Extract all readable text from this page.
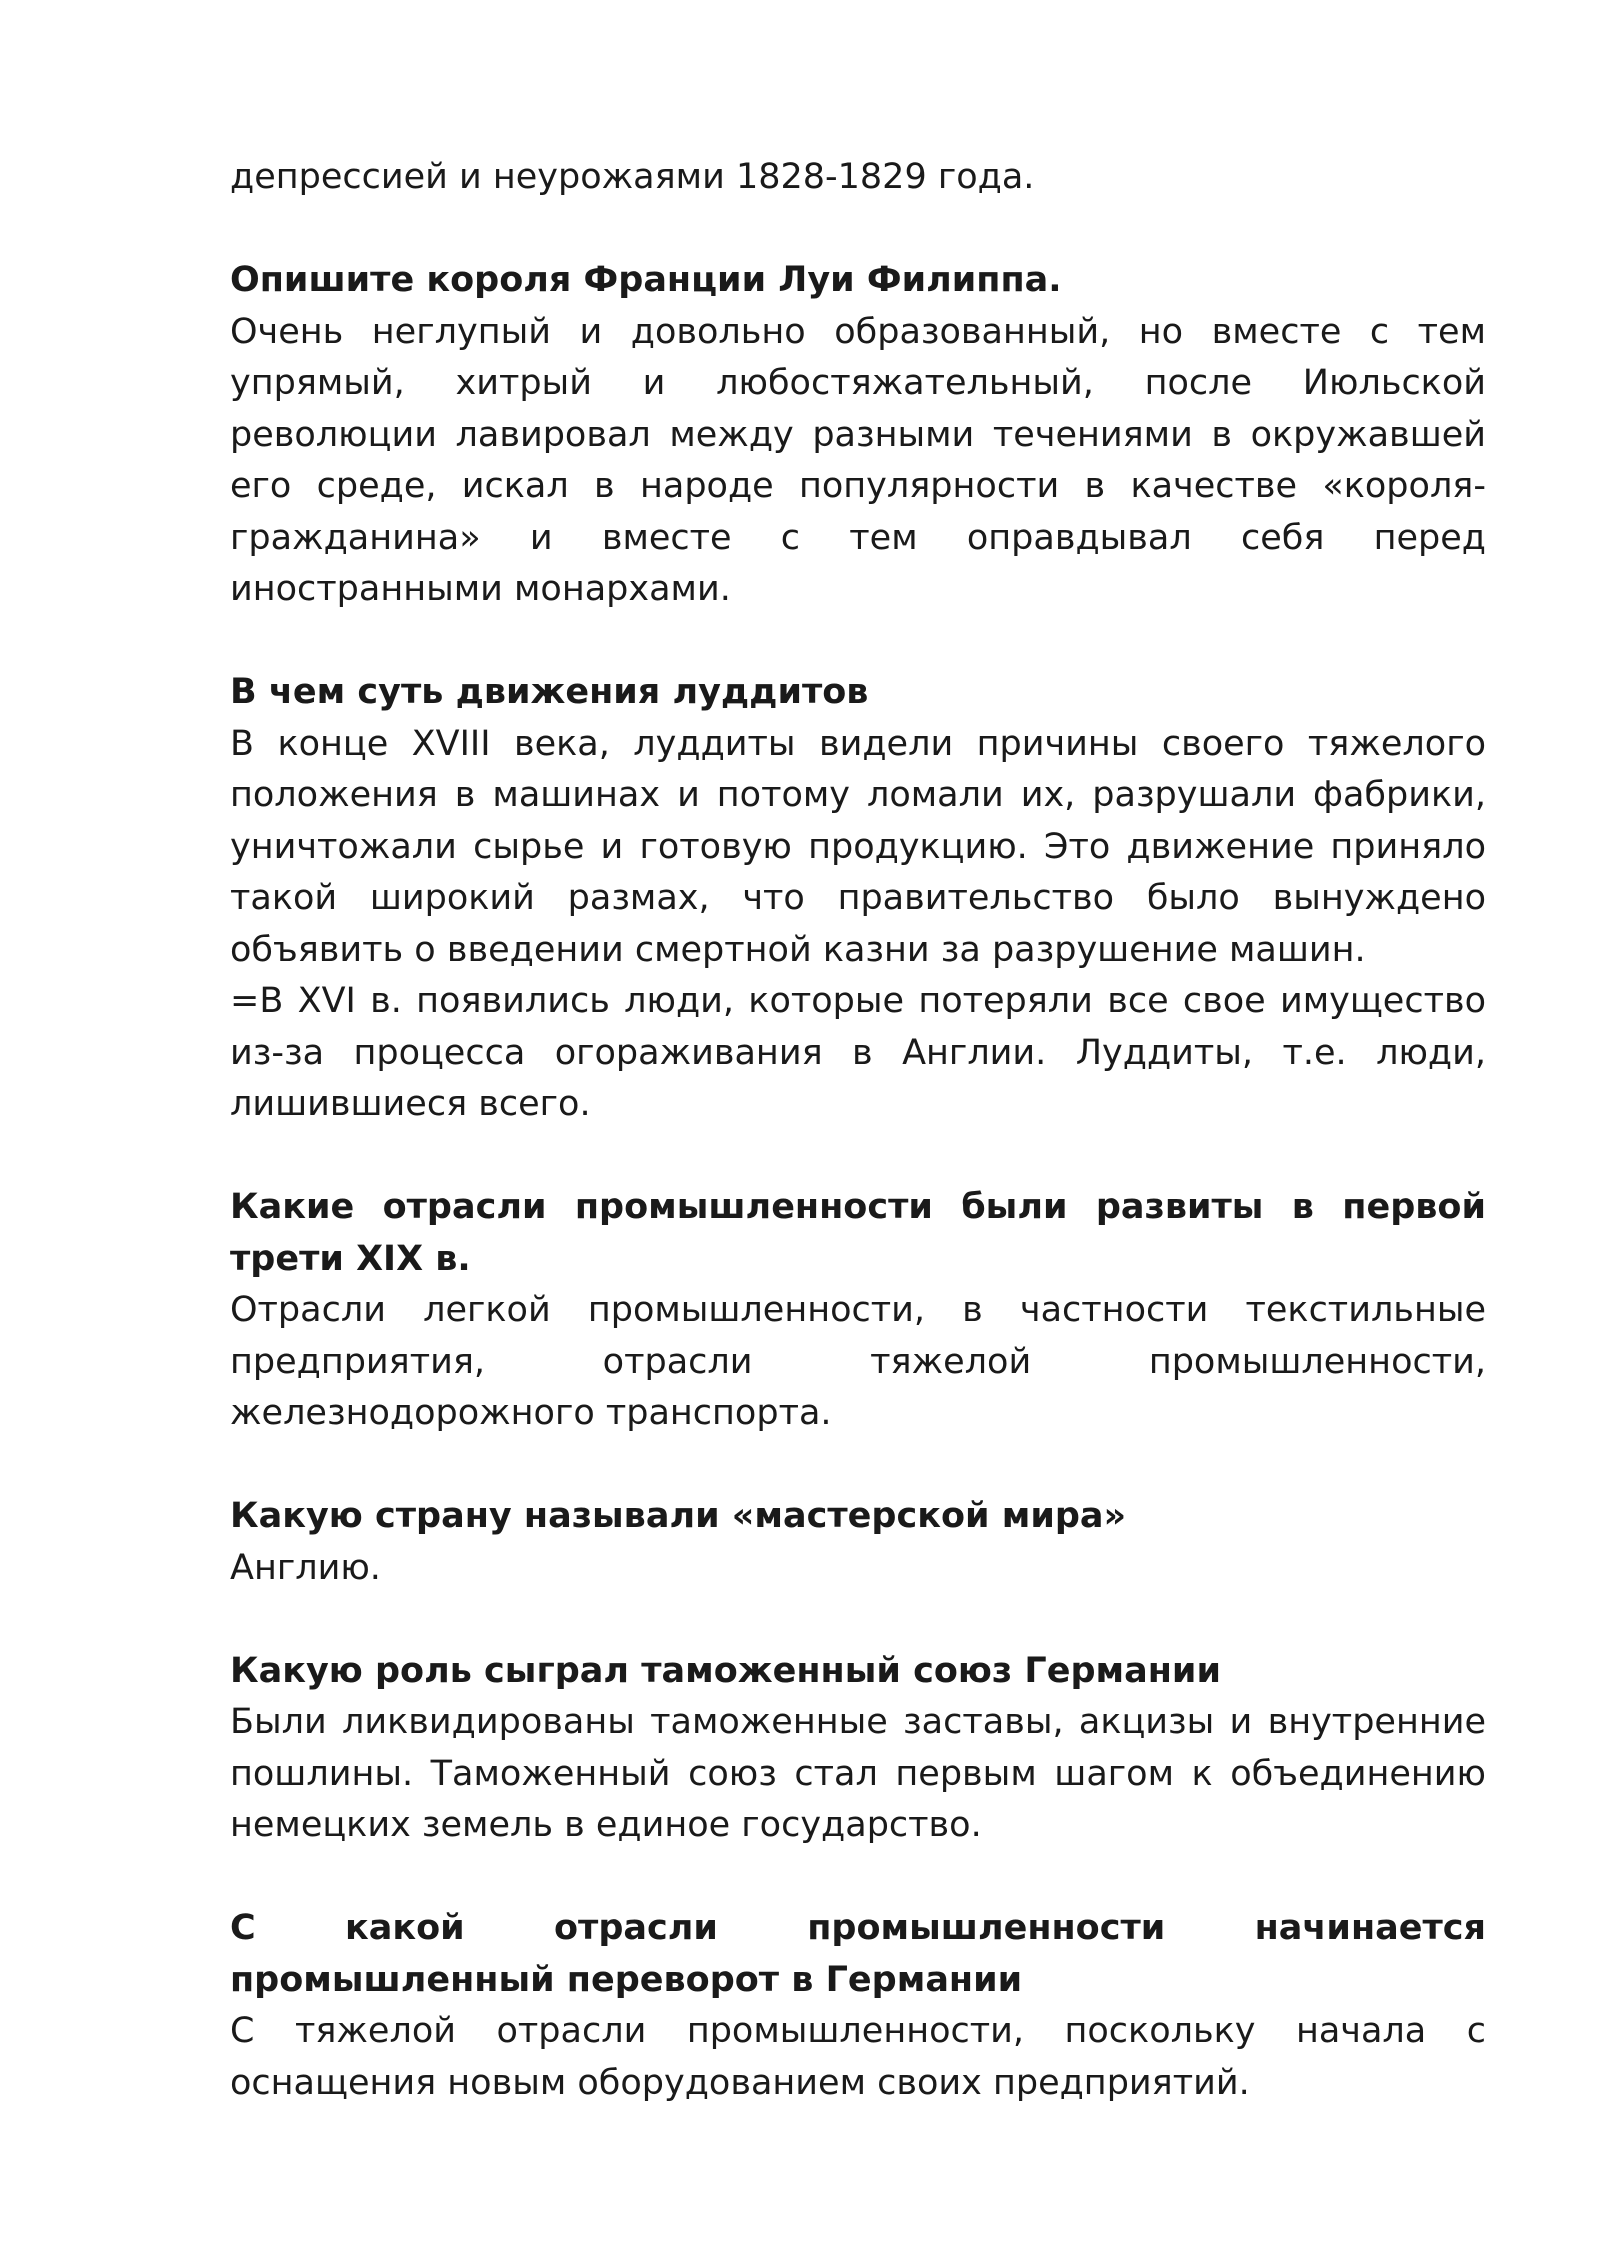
депрессией и неурожаями 1828-1829 года.

Опишите короля Франции Луи Филиппа.

Очень неглупый и довольно образованный, но вместе с тем упрямый, хитрый и любостяжательный, после Июльской революции лавировал между разными течениями в окружавшей его среде, искал в народе популярности в качестве «короля-гражданина» и вместе с тем оправдывал себя перед иностранными монархами.

В чем суть движения луддитов

В конце XVIII века, луддиты видели причины своего тяжелого положения в машинах и потому ломали их, разрушали фабрики, уничтожали сырье и готовую продукцию. Это движение приняло такой широкий размах, что правительство было вынуждено объявить о введении смертной казни за разрушение машин.
=В XVI в. появились люди, которые потеряли все свое имущество из-за процесса огораживания в Англии. Луддиты, т.е. люди, лишившиеся всего.

Какие отрасли промышленности были развиты в первой трети XIX в.

Отрасли легкой промышленности, в частности текстильные предприятия, отрасли тяжелой промышленности, железнодорожного транспорта.

Какую страну называли «мастерской мира»

Англию.

Какую роль сыграл таможенный союз Германии

Были ликвидированы таможенные заставы, акцизы и внутренние пошлины. Таможенный союз стал первым шагом к объединению немецких земель в единое государство.

С какой отрасли промышленности начинается промышленный переворот в Германии

С тяжелой отрасли промышленности, поскольку начала с оснащения новым оборудованием своих предприятий.
